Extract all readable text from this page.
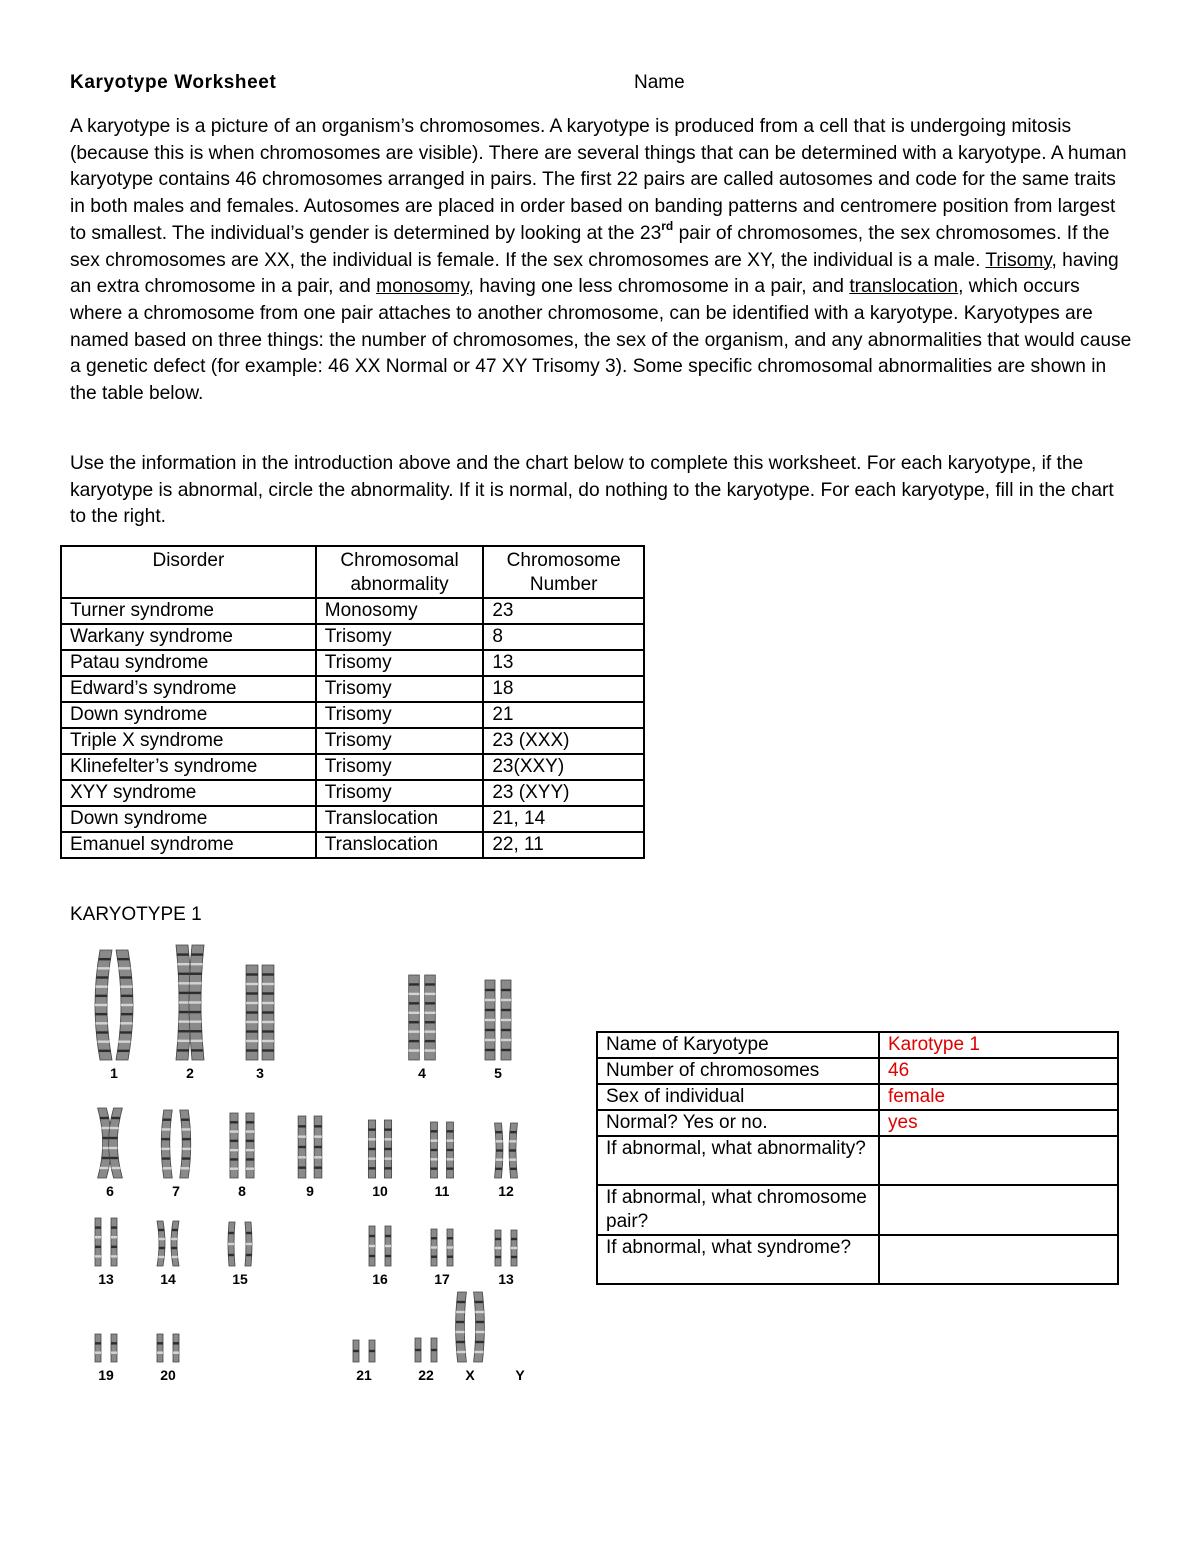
Karyotype Worksheet	Name
A karyotype is a picture of an organism’s chromosomes. A karyotype is produced from a cell that is undergoing mitosis (because this is when chromosomes are visible). There are several things that can be determined with a karyotype. A human karyotype contains 46 chromosomes arranged in pairs. The first 22 pairs are called autosomes and code for the same traits in both males and females. Autosomes are placed in order based on banding patterns and centromere position from largest to smallest. The individual’s gender is determined by looking at the 23rd pair of chromosomes, the sex chromosomes. If the sex chromosomes are XX, the individual is female. If the sex chromosomes are XY, the individual is a male. Trisomy, having an extra chromosome in a pair, and monosomy, having one less chromosome in a pair, and translocation, which occurs where a chromosome from one pair attaches to another chromosome, can be identified with a karyotype. Karyotypes are named based on three things: the number of chromosomes, the sex of the organism, and any abnormalities that would cause a genetic defect (for example: 46 XX Normal or 47 XY Trisomy 3). Some specific chromosomal abnormalities are shown in the table below.
Use the information in the introduction above and the chart below to complete this worksheet. For each karyotype, if the karyotype is abnormal, circle the abnormality. If it is normal, do nothing to the karyotype. For each karyotype, fill in the chart to the right.
Disorder	Chromosomal abnormality	Chromosome Number
Turner syndrome	Monosomy	23
Warkany syndrome	Trisomy	8
Patau syndrome	Trisomy	13
Edward’s syndrome	Trisomy	18
Down syndrome	Trisomy	21
Triple X syndrome	Trisomy	23 (XXX)
Klinefelter’s syndrome	Trisomy	23(XXY)
XYY syndrome	Trisomy	23 (XYY)
Down syndrome	Translocation	21, 14
Emanuel syndrome	Translocation	22, 11
KARYOTYPE 1
1	2	3	4	5
6	7	8	9	10	11	12
13	14	15	16	17	13
19	20	21	22 X	Y
Name of Karyotype	Karotype 1
Number of chromosomes	46
Sex of individual	female
Normal? Yes or no.	yes
If abnormal, what abnormality?	
If abnormal, what chromosome pair?	
If abnormal, what syndrome?	
